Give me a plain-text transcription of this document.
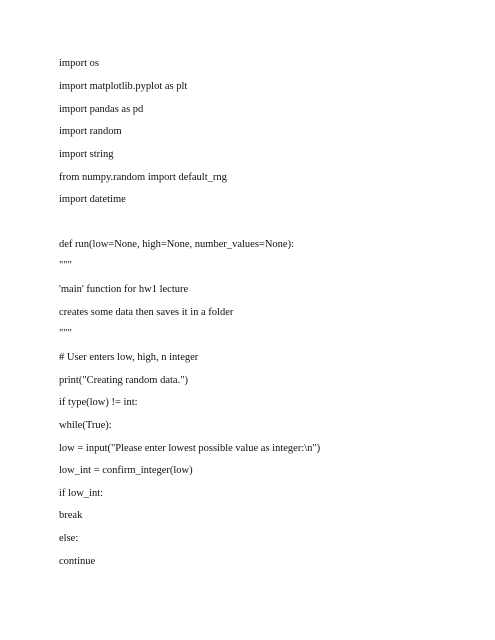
import os

import matplotlib.pyplot as plt

import pandas as pd

import random

import string

from numpy.random import default_rng

import datetime

def run(low=None, high=None, number_values=None):

"""

'main' function for hw1 lecture

creates some data then saves it in a folder

"""

# User enters low, high, n integer

print("Creating random data.")

if type(low) != int:

while(True):

low = input("Please enter lowest possible value as integer:\n")

low_int = confirm_integer(low)

if low_int:

break

else:

continue
